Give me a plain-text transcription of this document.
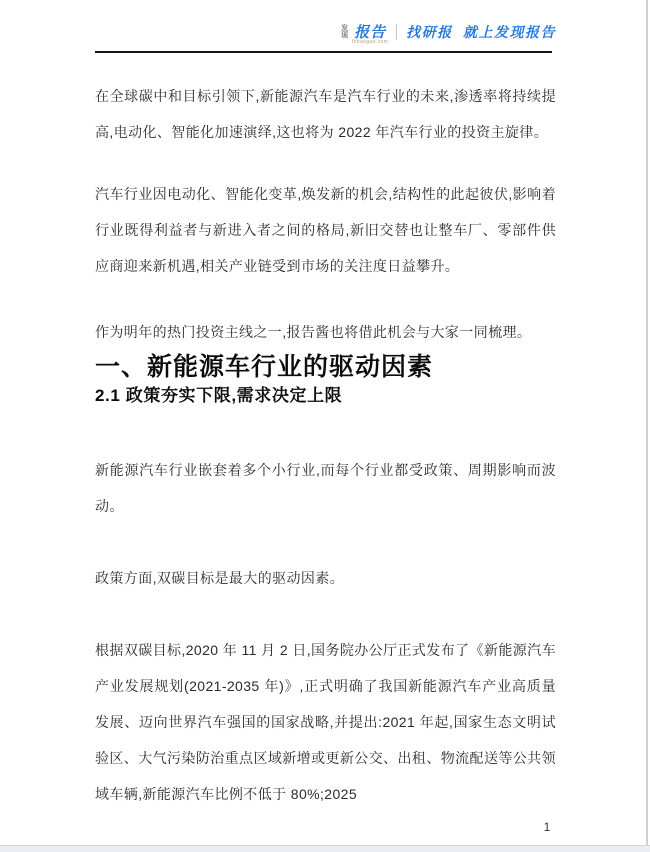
发
现 报告
fxbaogao.com
找研报 就上发现报告

在全球碳中和目标引领下,新能源汽车是汽车行业的未来,渗透率将持续提高,电动化、智能化加速演绎,这也将为 2022 年汽车行业的投资主旋律。

汽车行业因电动化、智能化变革,焕发新的机会,结构性的此起彼伏,影响着行业既得利益者与新进入者之间的格局,新旧交替也让整车厂、零部件供应商迎来新机遇,相关产业链受到市场的关注度日益攀升。

作为明年的热门投资主线之一,报告酱也将借此机会与大家一同梳理。

一、新能源车行业的驱动因素
2.1 政策夯实下限,需求决定上限

新能源汽车行业嵌套着多个小行业,而每个行业都受政策、周期影响而波动。

政策方面,双碳目标是最大的驱动因素。

根据双碳目标,2020 年 11 月 2 日,国务院办公厅正式发布了《新能源汽车产业发展规划(2021-2035 年)》,正式明确了我国新能源汽车产业高质量发展、迈向世界汽车强国的国家战略,并提出:2021 年起,国家生态文明试验区、大气污染防治重点区域新增或更新公交、出租、物流配送等公共领域车辆,新能源汽车比例不低于 80%;2025

1
